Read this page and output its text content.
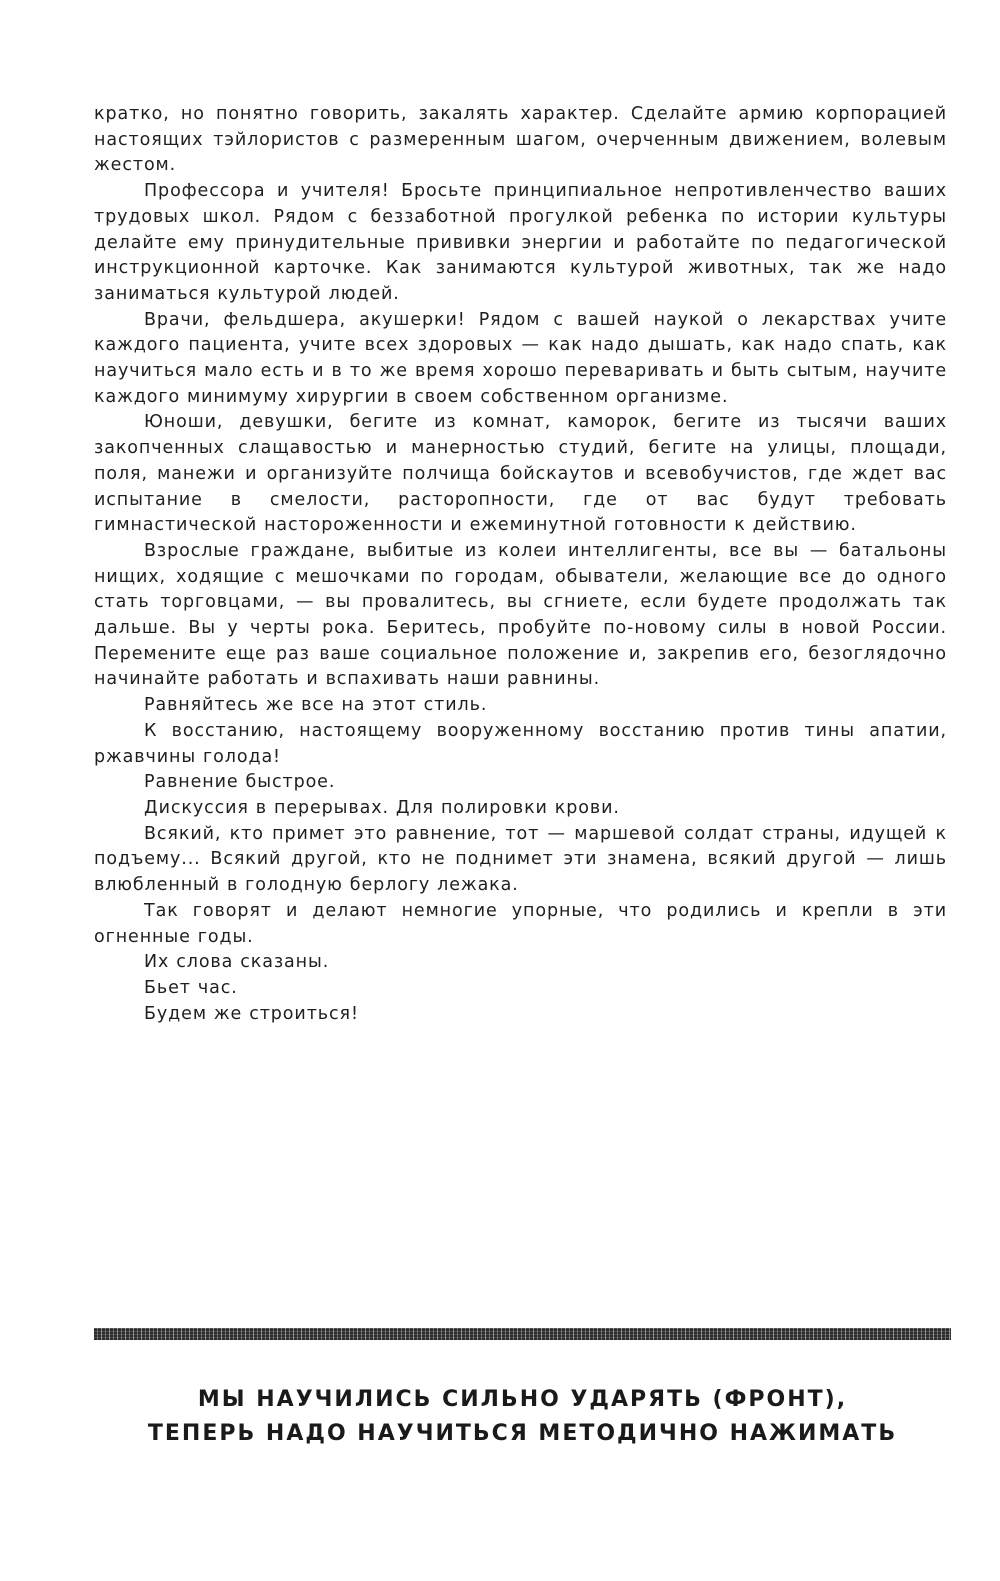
кратко, но понятно говорить, закалять характер. Сделайте армию корпорацией настоящих тэйлористов с размеренным шагом, очерченным движением, волевым жестом.

Профессора и учителя! Бросьте принципиальное непротивленчество ваших трудовых школ. Рядом с беззаботной прогулкой ребенка по истории культуры делайте ему принудительные прививки энергии и работайте по педагогической инструкционной карточке. Как занимаются культурой животных, так же надо заниматься культурой людей.

Врачи, фельдшера, акушерки! Рядом с вашей наукой о лекарствах учите каждого пациента, учите всех здоровых — как надо дышать, как надо спать, как научиться мало есть и в то же время хорошо переваривать и быть сытым, научите каждого минимуму хирургии в своем собственном организме.

Юноши, девушки, бегите из комнат, каморок, бегите из тысячи ваших закопченных слащавостью и манерностью студий, бегите на улицы, площади, поля, манежи и организуйте полчища бойскаутов и всевобучистов, где ждет вас испытание в смелости, расторопности, где от вас будут требовать гимнастической настороженности и ежеминутной готовности к действию.

Взрослые граждане, выбитые из колеи интеллигенты, все вы — батальоны нищих, ходящие с мешочками по городам, обыватели, желающие все до одного стать торговцами, — вы провалитесь, вы сгниете, если будете продолжать так дальше. Вы у черты рока. Беритесь, пробуйте по-новому силы в новой России. Перемените еще раз ваше социальное положение и, закрепив его, безоглядочно начинайте работать и вспахивать наши равнины.

Равняйтесь же все на этот стиль.

К восстанию, настоящему вооруженному восстанию против тины апатии, ржавчины голода!

Равнение быстрое.

Дискуссия в перерывах. Для полировки крови.

Всякий, кто примет это равнение, тот — маршевой солдат страны, идущей к подъему... Всякий другой, кто не поднимет эти знамена, всякий другой — лишь влюбленный в голодную берлогу лежака.

Так говорят и делают немногие упорные, что родились и крепли в эти огненные годы.

Их слова сказаны.

Бьет час.

Будем же строиться!

МЫ НАУЧИЛИСЬ СИЛЬНО УДАРЯТЬ (ФРОНТ),
ТЕПЕРЬ НАДО НАУЧИТЬСЯ МЕТОДИЧНО НАЖИМАТЬ
